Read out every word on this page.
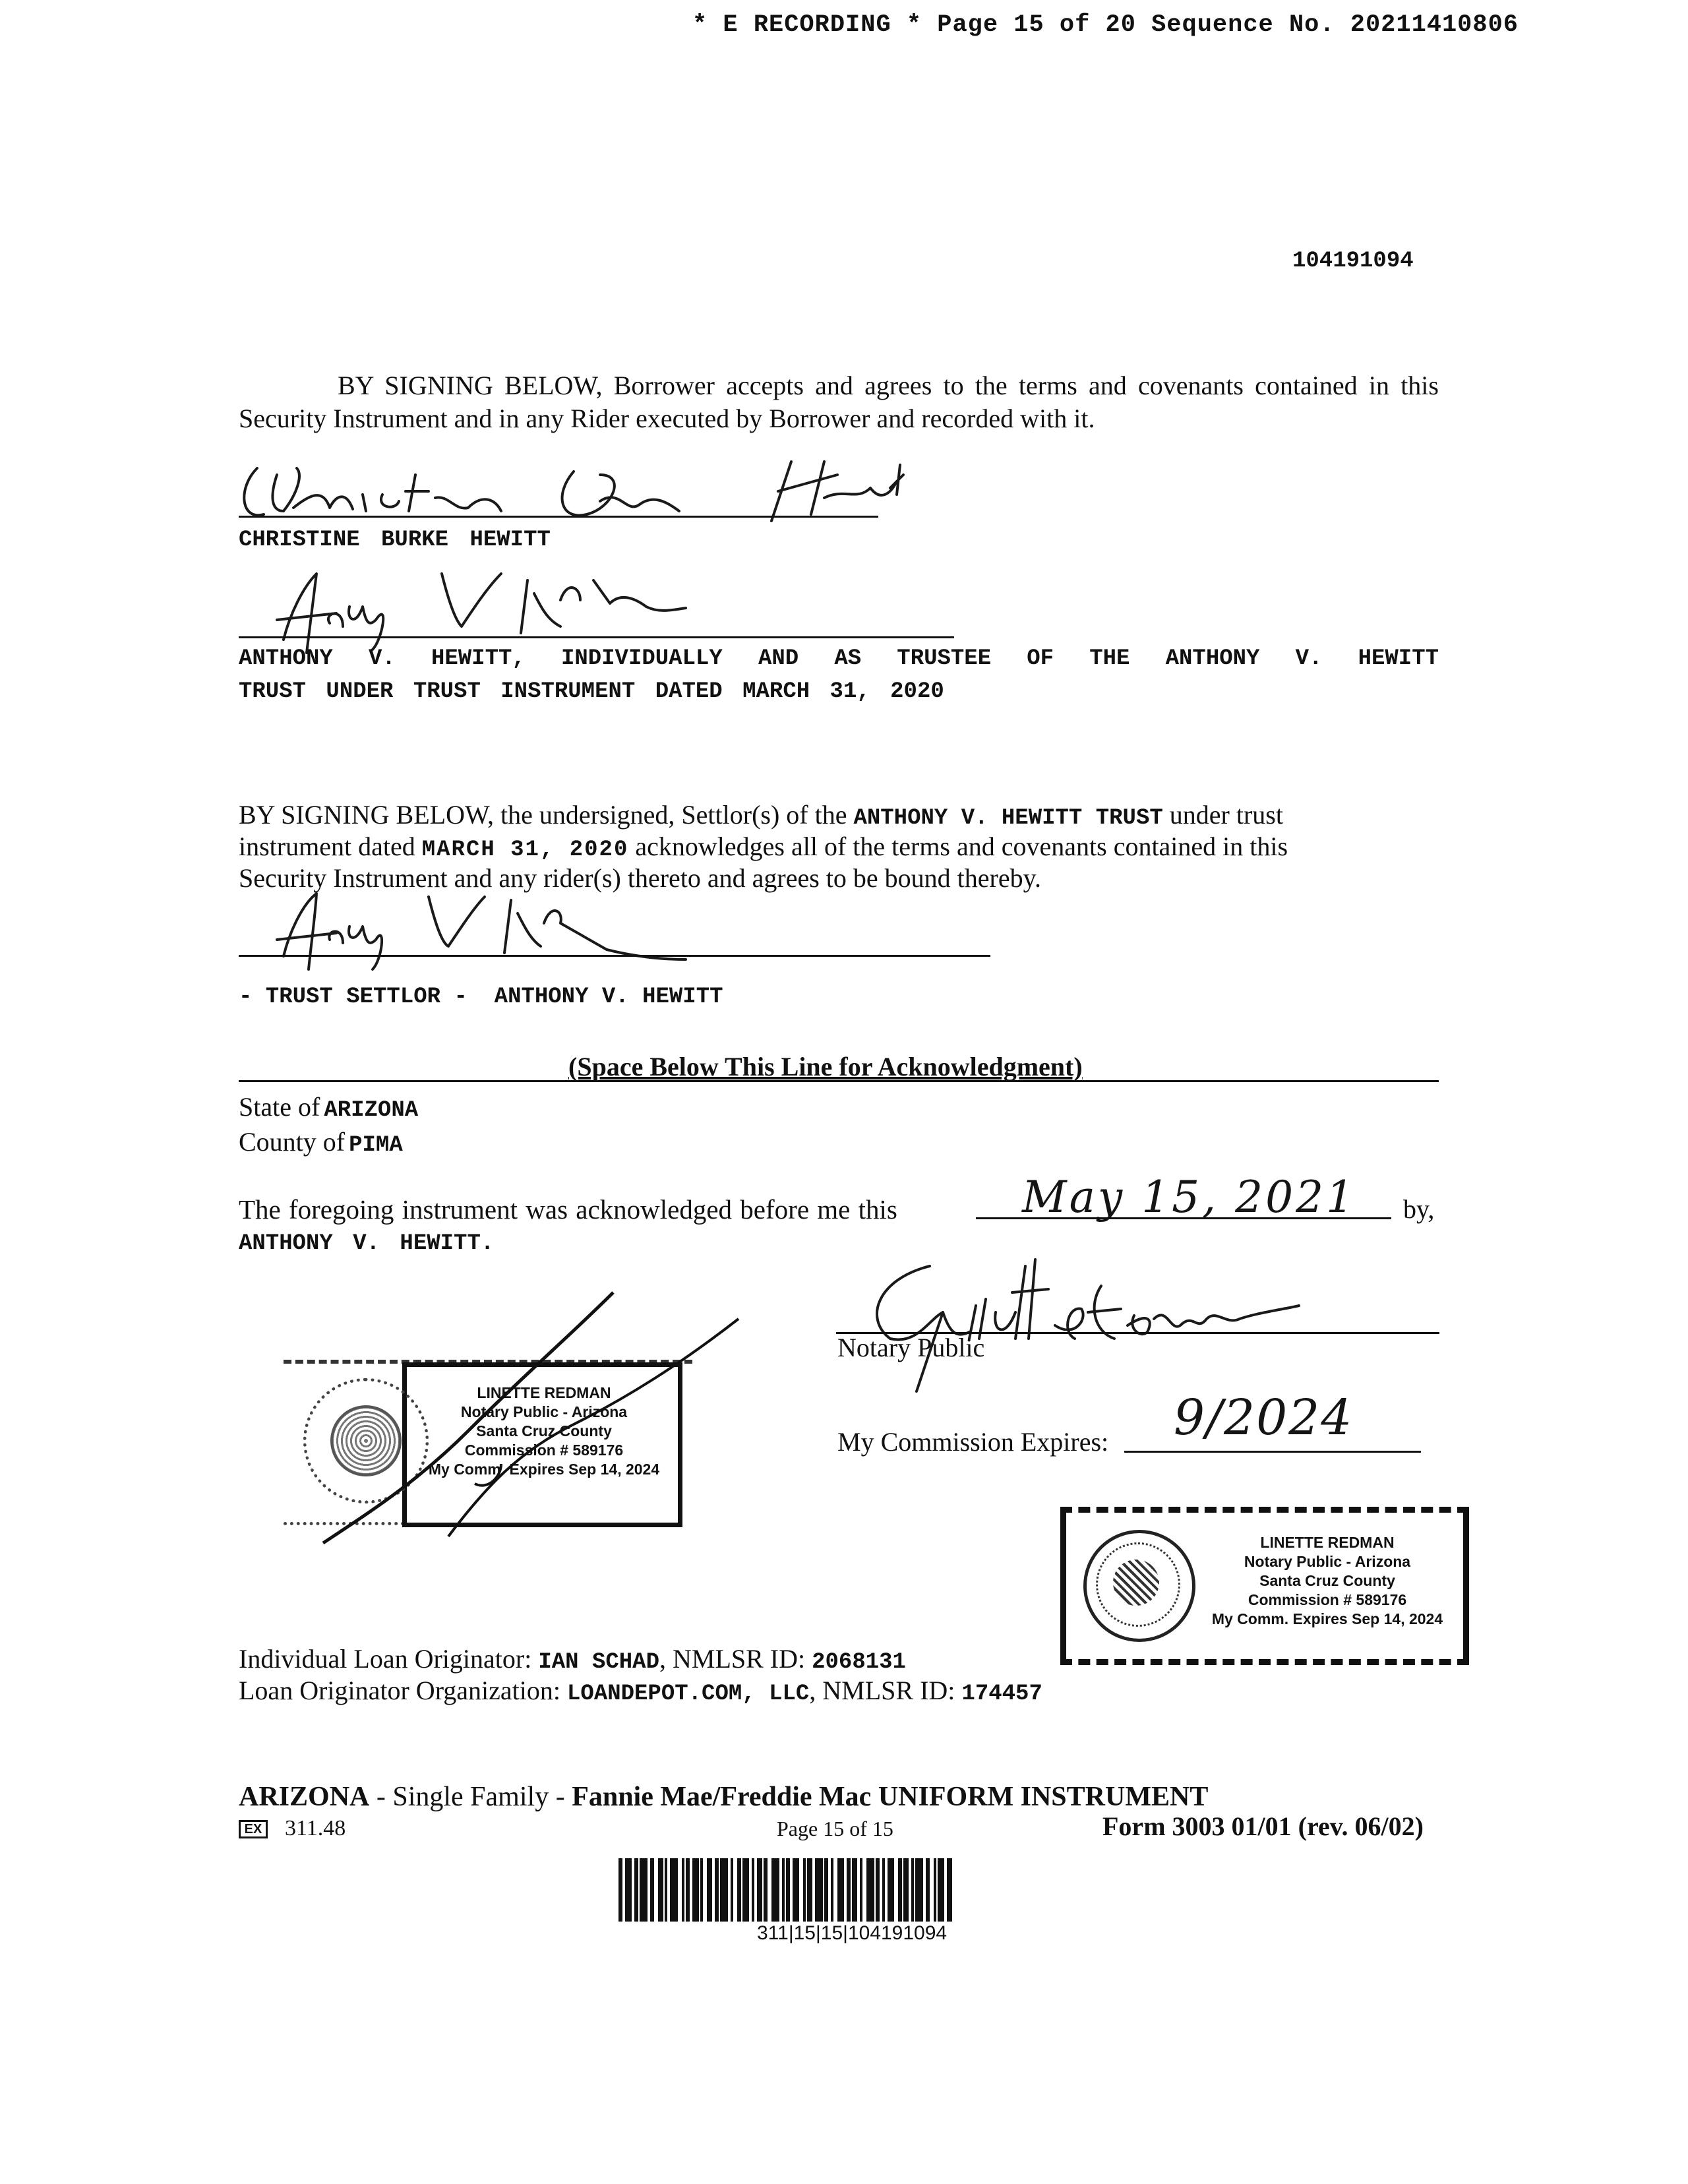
* E RECORDING * Page 15 of 20 Sequence No. 20211410806
104191094
BY SIGNING BELOW, Borrower accepts and agrees to the terms and covenants contained in this Security Instrument and in any Rider executed by Borrower and recorded with it.
CHRISTINE BURKE HEWITT
ANTHONY V. HEWITT, INDIVIDUALLY AND AS TRUSTEE OF THE ANTHONY V. HEWITT
TRUST UNDER TRUST INSTRUMENT DATED MARCH 31, 2020
BY SIGNING BELOW, the undersigned, Settlor(s) of the ANTHONY V. HEWITT TRUST under trust
instrument dated MARCH 31, 2020 acknowledges all of the terms and covenants contained in this
Security Instrument and any rider(s) thereto and agrees to be bound thereby.
- TRUST SETTLOR -  ANTHONY V. HEWITT
(Space Below This Line for Acknowledgment)
State of ARIZONA
County of PIMA
The foregoing instrument was acknowledged before me this	May 15, 2021 by,
ANTHONY V. HEWITT.
Notary Public
My Commission Expires: 9/2024
LINETTE REDMAN
Notary Public - Arizona
Santa Cruz County
Commission # 589176
My Comm. Expires Sep 14, 2024
LINETTE REDMAN
Notary Public - Arizona
Santa Cruz County
Commission # 589176
My Comm. Expires Sep 14, 2024
Individual Loan Originator: IAN SCHAD, NMLSR ID: 2068131
Loan Originator Organization: LOANDEPOT.COM, LLC, NMLSR ID: 174457
ARIZONA - Single Family - Fannie Mae/Freddie Mac UNIFORM INSTRUMENT
EX 311.48	Page 15 of 15	Form 3003 01/01 (rev. 06/02)
311|15|15|104191094
